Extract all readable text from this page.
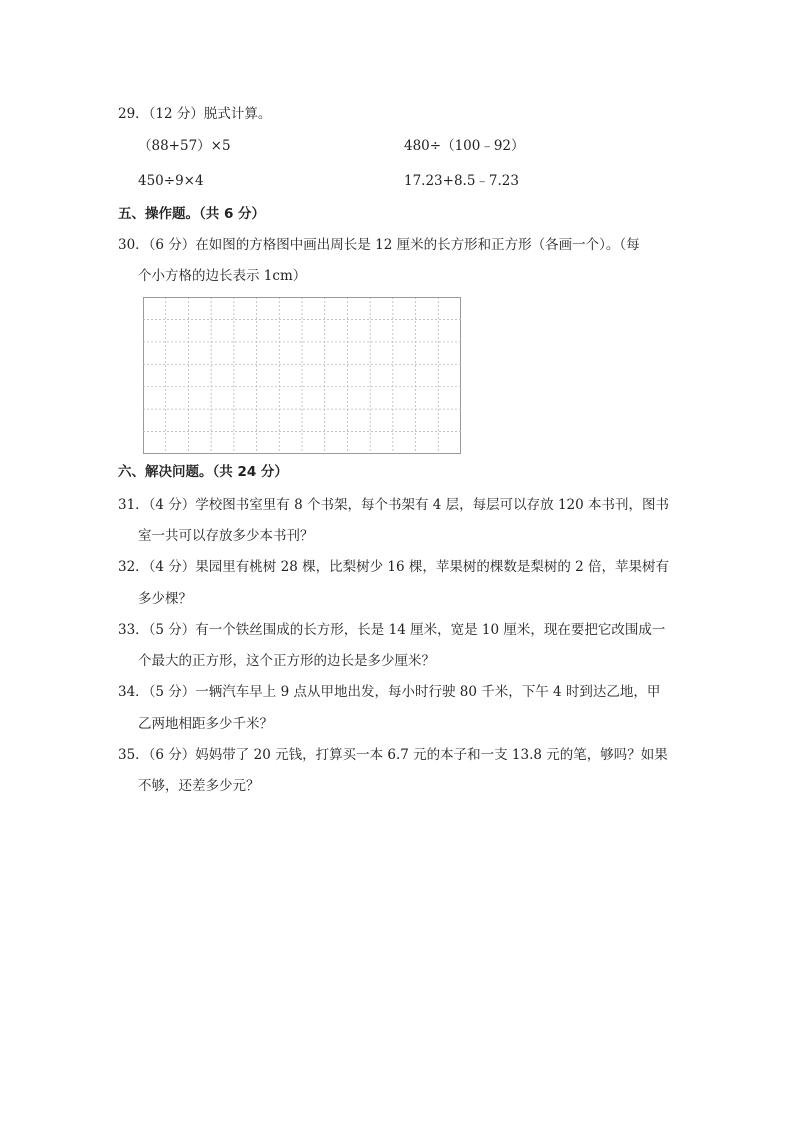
29．（12 分）脱式计算。
（88+57）×5	480÷（100﹣92）
450÷9×4	17.23+8.5﹣7.23
五、操作题。（共 6 分）
30．（6 分）在如图的方格图中画出周长是 12 厘米的长方形和正方形（各画一个）。（每
个小方格的边长表示 1cm）
六、解决问题。（共 24 分）
31．（4 分）学校图书室里有 8 个书架，每个书架有 4 层，每层可以存放 120 本书刊，图书
室一共可以存放多少本书刊？
32．（4 分）果园里有桃树 28 棵，比梨树少 16 棵，苹果树的棵数是梨树的 2 倍，苹果树有
多少棵？
33．（5 分）有一个铁丝围成的长方形，长是 14 厘米，宽是 10 厘米，现在要把它改围成一
个最大的正方形，这个正方形的边长是多少厘米？
34．（5 分）一辆汽车早上 9 点从甲地出发，每小时行驶 80 千米，下午 4 时到达乙地，甲
乙两地相距多少千米？
35．（6 分）妈妈带了 20 元钱，打算买一本 6.7 元的本子和一支 13.8 元的笔，够吗？如果
不够，还差多少元？
